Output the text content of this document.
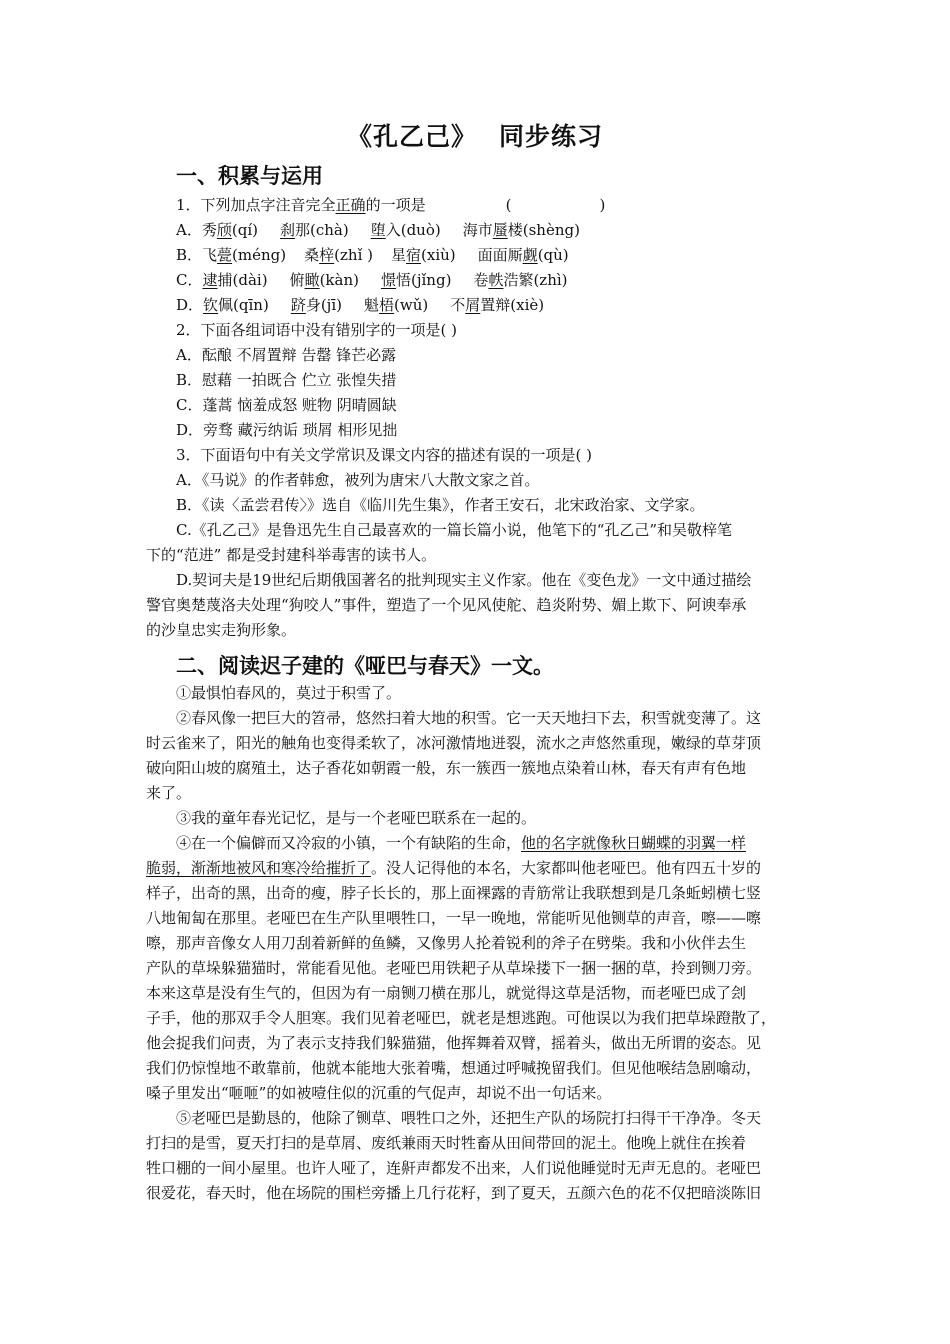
《孔乙己》 同步练习
一、积累与运用
1．下列加点字注音完全正确的一项是	(	)
A．秀颀(qí) 刹那(chà) 堕入(duò) 海市蜃楼(shèng)
B．飞甍(méng) 桑梓(zhǐ ) 星宿(xiù) 面面厮觑(qù)
C．逮捕(dài) 俯瞰(kàn) 憬悟(jǐng) 卷帙浩繁(zhì)
D．钦佩(qīn) 跻身(jī) 魁梧(wǔ) 不屑置辩(xiè)
2．下面各组词语中没有错别字的一项是( )
A．酝酿 不屑置辩 告罄 锋芒必露
B．慰藉 一拍既合 伫立 张惶失措
C．蓬蒿 恼羞成怒 赃物 阴晴圆缺
D．旁骛 藏污纳诟 琐屑 相形见拙
3．下面语句中有关文学常识及课文内容的描述有误的一项是( )
A．《马说》的作者韩愈，被列为唐宋八大散文家之首。
B．《读〈孟尝君传〉》选自《临川先生集》，作者王安石，北宋政治家、文学家。
C.《孔乙己》是鲁迅先生自己最喜欢的一篇长篇小说，他笔下的“孔乙己”和吴敬梓笔
下的“范进” 都是受封建科举毒害的读书人。
D.契诃夫是19世纪后期俄国著名的批判现实主义作家。他在《变色龙》一文中通过描绘
警官奥楚蔑洛夫处理“狗咬人”事件，塑造了一个见风使舵、趋炎附势、媚上欺下、阿谀奉承
的沙皇忠实走狗形象。
二、阅读迟子建的《哑巴与春天》一文。
①最惧怕春风的，莫过于积雪了。
②春风像一把巨大的笤帚，悠然扫着大地的积雪。它一天天地扫下去，积雪就变薄了。这
时云雀来了，阳光的触角也变得柔软了，冰河激情地迸裂，流水之声悠然重现，嫩绿的草芽顶
破向阳山坡的腐殖土，达子香花如朝霞一般，东一簇西一簇地点染着山林，春天有声有色地
来了。
③我的童年春光记忆，是与一个老哑巴联系在一起的。
④在一个偏僻而又冷寂的小镇，一个有缺陷的生命，他的名字就像秋日蝴蝶的羽翼一样
脆弱，渐渐地被风和寒冷给摧折了。没人记得他的本名，大家都叫他老哑巴。他有四五十岁的
样子，出奇的黑，出奇的瘦，脖子长长的，那上面裸露的青筋常让我联想到是几条蚯蚓横七竖
八地匍匐在那里。老哑巴在生产队里喂牲口，一早一晚地，常能听见他铡草的声音，嚓——嚓
嚓，那声音像女人用刀刮着新鲜的鱼鳞，又像男人抡着锐利的斧子在劈柴。我和小伙伴去生
产队的草垛躲猫猫时，常能看见他。老哑巴用铁耙子从草垛搂下一捆一捆的草，拎到铡刀旁。
本来这草是没有生气的，但因为有一扇铡刀横在那儿，就觉得这草是活物，而老哑巴成了刽
子手，他的那双手令人胆寒。我们见着老哑巴，就老是想逃跑。可他误以为我们把草垛蹬散了，
他会捉我们问责，为了表示支持我们躲猫猫，他挥舞着双臂，摇着头，做出无所谓的姿态。见
我们仍惊惶地不敢靠前，他就本能地大张着嘴，想通过呼喊挽留我们。但见他喉结急剧噏动，
嗓子里发出“咂咂”的如被噎住似的沉重的气促声，却说不出一句话来。
⑤老哑巴是勤恳的，他除了铡草、喂牲口之外，还把生产队的场院打扫得干干净净。冬天
打扫的是雪，夏天打扫的是草屑、废纸兼雨天时牲畜从田间带回的泥土。他晚上就住在挨着
牲口棚的一间小屋里。也许人哑了，连鼾声都发不出来，人们说他睡觉时无声无息的。老哑巴
很爱花，春天时，他在场院的围栏旁播上几行花籽，到了夏天，五颜六色的花不仅把暗淡陈旧
